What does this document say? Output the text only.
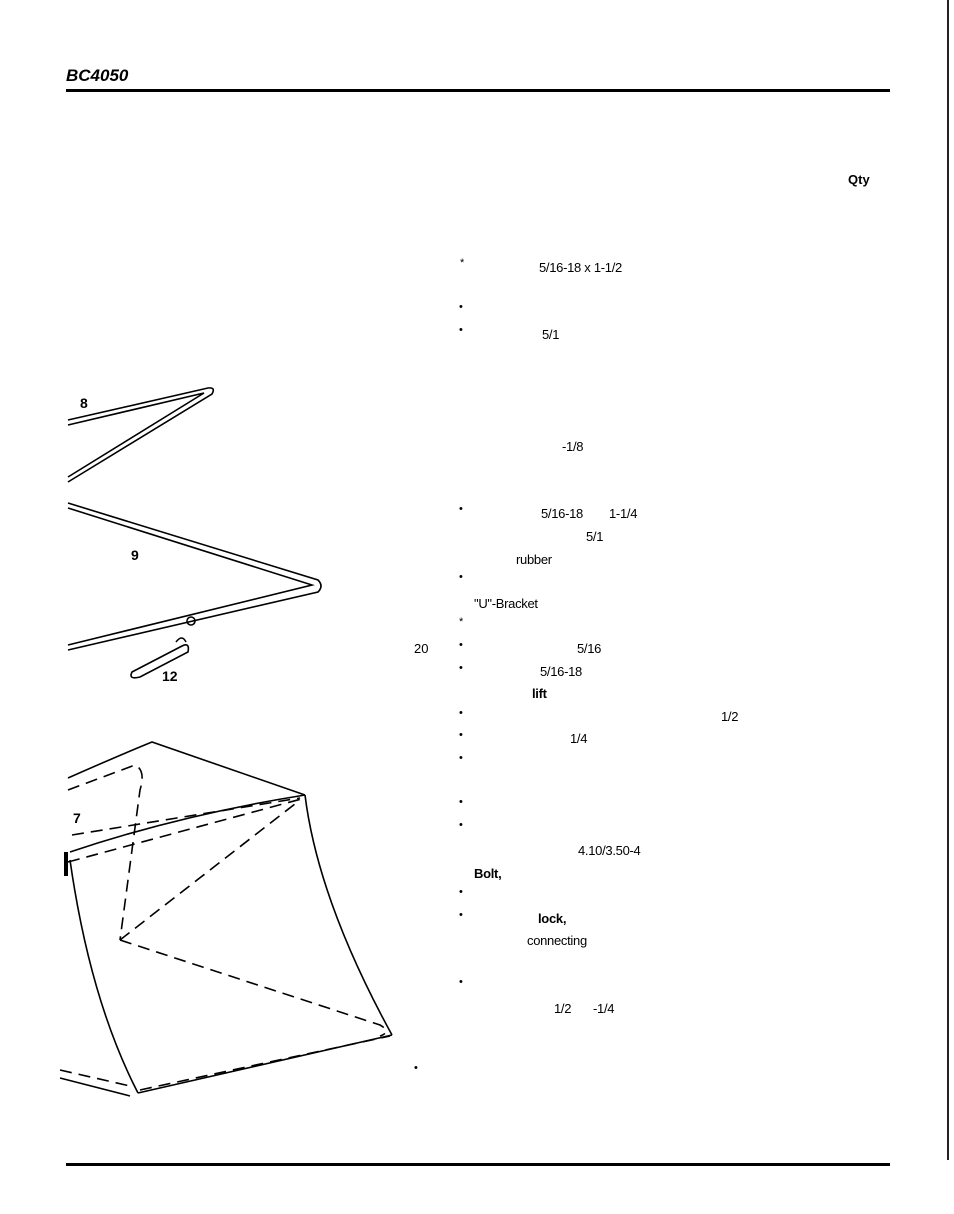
BC4050
Qty
8
9
12
7
20
*
•
•
•
•
*
•
•
•
•
•
•
•
•
•
•
•
5/16-18 x 1-1/2
5/1
-1/8
5/16-18 1-1/4
5/1
rubber
"U"-Bracket
5/16
5/16-18
lift
1/2
1/4
4.10/3.50-4
Bolt,
lock,
connecting
1/2 -1/4
